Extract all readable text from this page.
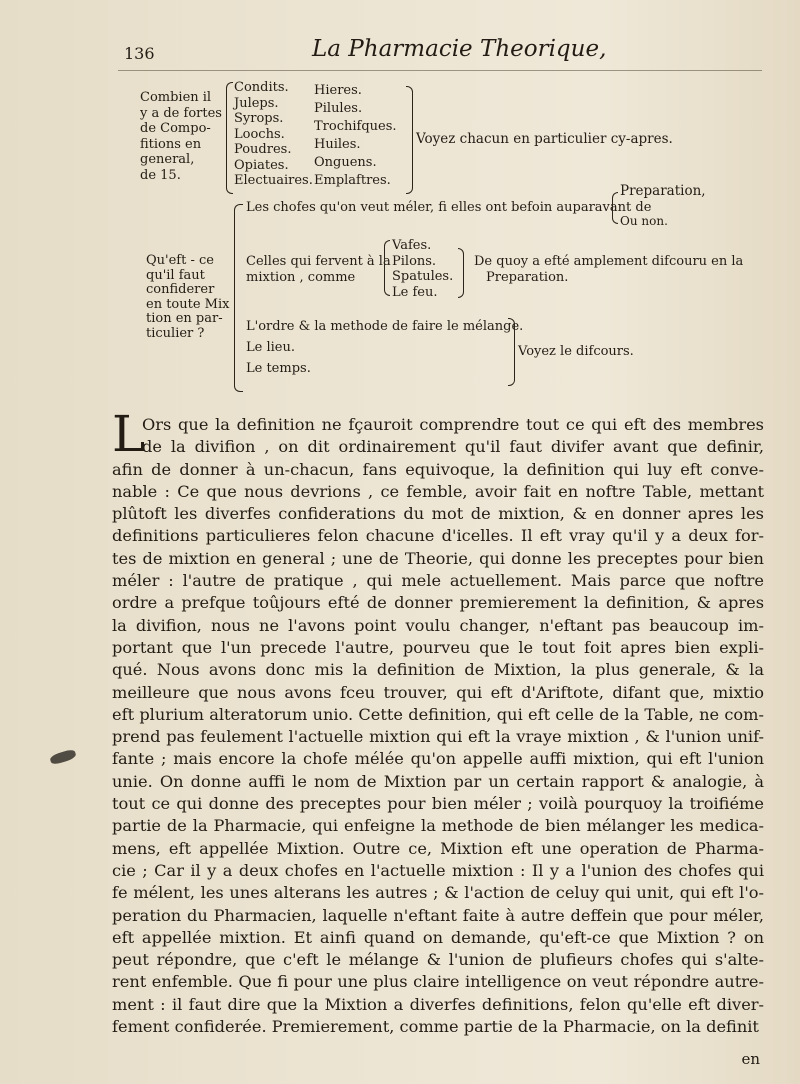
136	La Pharmacie Theorique,
Combien il
y a de fortes
de Compo-
fitions en
general,
de 15.
Condits.
Juleps.
Syrops.
Loochs.
Poudres.
Opiates.
Electuaires.
Hieres.
Pilules.
Trochifques.
Huiles.
Onguens.
Emplaftres.
Voyez chacun en particulier cy-apres.
Qu'eft - ce
qu'il faut
confiderer
en toute Mix
tion en par-
ticulier ?
Les chofes qu'on veut méler, fi elles ont befoin auparavant de
Preparation,
Ou non.
Celles qui fervent à la
mixtion , comme
Vafes.
Pilons.
Spatules.
Le feu.
De quoy a efté amplement difcouru en la
Preparation.
L'ordre & la methode de faire le mélange.
Le lieu.
Le temps.
Voyez le difcours.
L
Ors que la definition ne fçauroit comprendre tout ce qui eft des membres
de la divifion , on dit ordinairement qu'il faut divifer avant que definir,
afin de donner à un-chacun, fans equivoque, la definition qui luy eft conve-
nable : Ce que nous devrions , ce femble, avoir fait en noftre Table, mettant
plûtoft les diverfes confiderations du mot de mixtion, & en donner apres les
definitions particulieres felon chacune d'icelles. Il eft vray qu'il y a deux for-
tes de mixtion en general ; une de Theorie, qui donne les preceptes pour bien
méler : l'autre de pratique , qui mele actuellement. Mais parce que noftre
ordre a prefque toûjours efté de donner premierement la definition, & apres
la divifion, nous ne l'avons point voulu changer, n'eftant pas beaucoup im-
portant que l'un precede l'autre, pourveu que le tout foit apres bien expli-
qué. Nous avons donc mis la definition de Mixtion, la plus generale, & la
meilleure que nous avons fceu trouver, qui eft d'Ariftote, difant que, mixtio
eft plurium alteratorum unio. Cette definition, qui eft celle de la Table, ne com-
prend pas feulement l'actuelle mixtion qui eft la vraye mixtion , & l'union unif-
fante ; mais encore la chofe mélée qu'on appelle auffi mixtion, qui eft l'union
unie. On donne auffi le nom de Mixtion par un certain rapport & analogie, à
tout ce qui donne des preceptes pour bien méler ; voilà pourquoy la troifiéme
partie de la Pharmacie, qui enfeigne la methode de bien mélanger les medica-
mens, eft appellée Mixtion. Outre ce, Mixtion eft une operation de Pharma-
cie ; Car il y a deux chofes en l'actuelle mixtion : Il y a l'union des chofes qui
fe mélent, les unes alterans les autres ; & l'action de celuy qui unit, qui eft l'o-
peration du Pharmacien, laquelle n'eftant faite à autre deffein que pour méler,
eft appellée mixtion. Et ainfi quand on demande, qu'eft-ce que Mixtion ? on
peut répondre, que c'eft le mélange & l'union de plufieurs chofes qui s'alte-
rent enfemble. Que fi pour une plus claire intelligence on veut répondre autre-
ment : il faut dire que la Mixtion a diverfes definitions, felon qu'elle eft diver-
fement confiderée. Premierement, comme partie de la Pharmacie, on la definit
en
